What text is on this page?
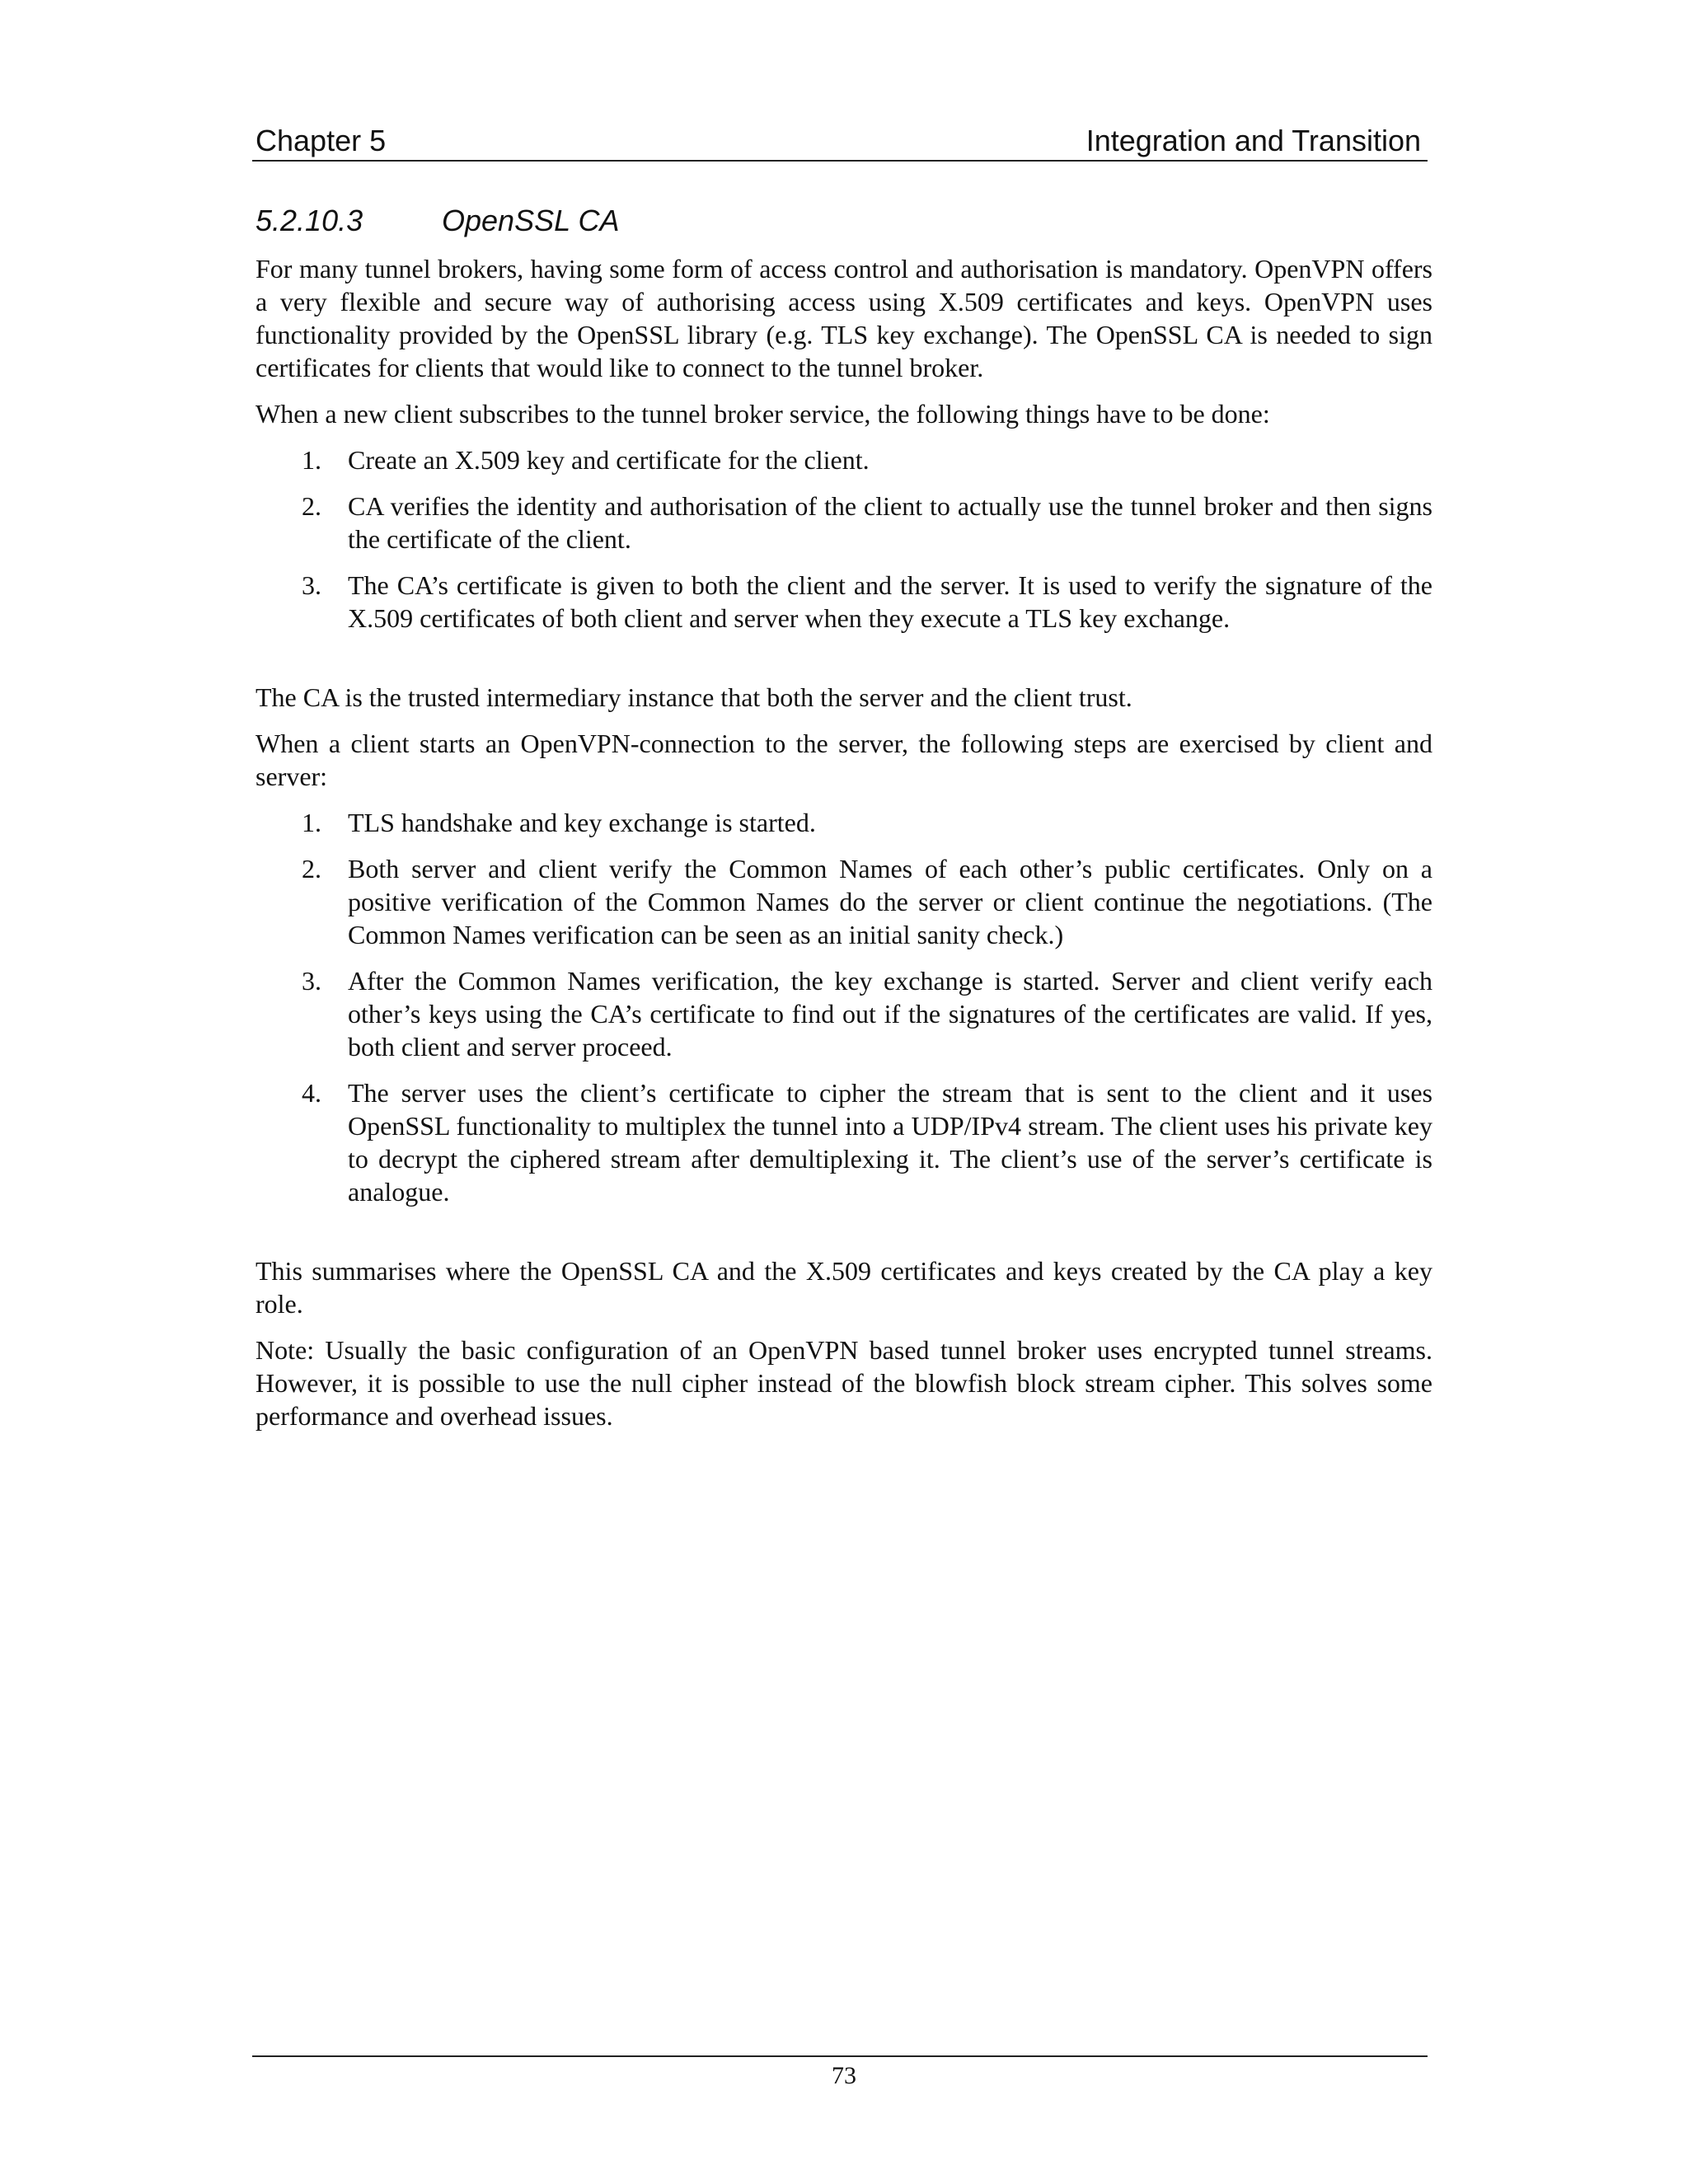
Chapter 5	Integration and Transition
5.2.10.3	OpenSSL CA

For many tunnel brokers, having some form of access control and authorisation is mandatory. OpenVPN offers a very flexible and secure way of authorising access using X.509 certificates and keys. OpenVPN uses functionality provided by the OpenSSL library (e.g. TLS key exchange). The OpenSSL CA is needed to sign certificates for clients that would like to connect to the tunnel broker.

When a new client subscribes to the tunnel broker service, the following things have to be done:

1. Create an X.509 key and certificate for the client.
2. CA verifies the identity and authorisation of the client to actually use the tunnel broker and then signs the certificate of the client.
3. The CA’s certificate is given to both the client and the server. It is used to verify the signature of the X.509 certificates of both client and server when they execute a TLS key exchange.

The CA is the trusted intermediary instance that both the server and the client trust.

When a client starts an OpenVPN-connection to the server, the following steps are exercised by client and server:

1. TLS handshake and key exchange is started.
2. Both server and client verify the Common Names of each other’s public certificates. Only on a positive verification of the Common Names do the server or client continue the negotiations. (The Common Names verification can be seen as an initial sanity check.)
3. After the Common Names verification, the key exchange is started. Server and client verify each other’s keys using the CA’s certificate to find out if the signatures of the certificates are valid. If yes, both client and server proceed.
4. The server uses the client’s certificate to cipher the stream that is sent to the client and it uses OpenSSL functionality to multiplex the tunnel into a UDP/IPv4 stream. The client uses his private key to decrypt the ciphered stream after demultiplexing it. The client’s use of the server’s certificate is analogue.

This summarises where the OpenSSL CA and the X.509 certificates and keys created by the CA play a key role.

Note: Usually the basic configuration of an OpenVPN based tunnel broker uses encrypted tunnel streams. However, it is possible to use the null cipher instead of the blowfish block stream cipher. This solves some performance and overhead issues.

73
